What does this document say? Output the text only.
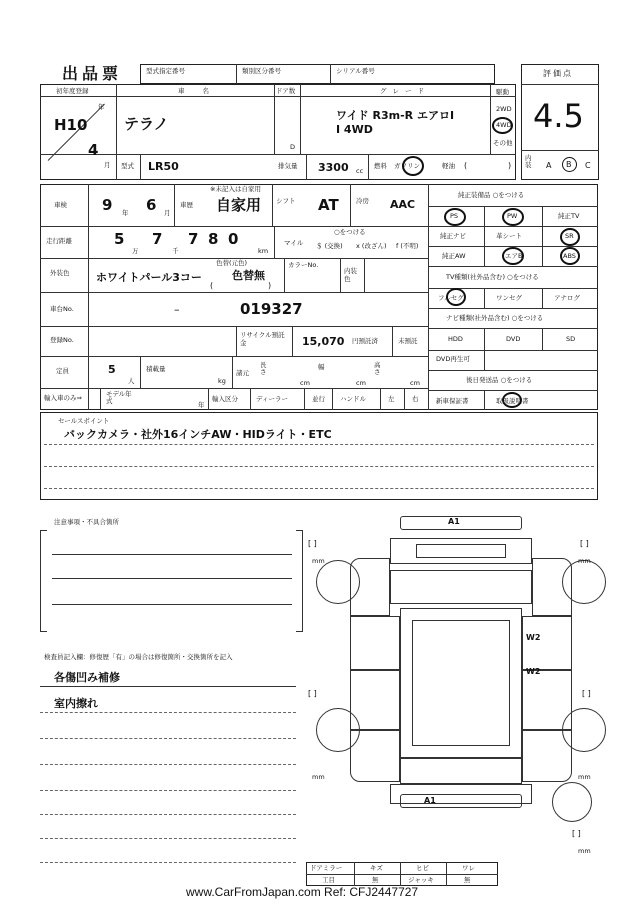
出品票	型式指定番号	類別区分番号	シリアル番号	評価点
4.5
内装	A B C
初年度登録
H10
年
4
月
車名
テラノ
ドア数
D
グレード
ワイド R3m-R エアロI
I 4WD
駆動
2WD
4WD
その他
型式 LR50	排気量 3300 cc
燃料 ガソリン	軽油 (	)
車検 9 年 6 月
※未記入は自家用
車歴 自家用 シフト AT	冷房 AAC
走行距離	5
万
7
千
7 8 0
km
マイル
○をつける
＄ (交換) x (改ざん) f (不明)
外装色 ホワイトパール3コー
色替(元色)
色替無
(	)
カラーNo.
内装色
車台No.	–	019327
登録No.
リサイクル預託金	15,070 円預託済	未預託
定員	5
人
積載量
kg
諸元
長さ
cm
幅
cm
高さ
cm
輸入車のみ⇒	モデル年式	年
輸入区分	ディーラー	並行 ハンドル	左	右
純正装備品 ○をつける
PS	PW	純正TV
純正ナビ	革シート	SR
純正AW	エアB	ABS
TV種類(社外品含む) ○をつける
フルセグ	ワンセグ	アナログ
ナビ種類(社外品含む) ○をつける
HDD	DVD	SD
DVD再生可
後日発送品 ○をつける
新車保証書	取扱説明書
セールスポイント
バックカメラ・社外16インチAW・HIDライト・ETC
注意事項・不具合箇所
検査員記入欄：修復歴「有」の場合は修復箇所・交換箇所を記入
各傷凹み補修
室内擦れ
A1
W2
W2
A1
[ ]	[ ]
[ ]	[ ]
[ ]
mm	mm
mm	mm
mm
ドアミラー	キズ	ヒビ	ワレ
工目	無	ジャッキ	無
www.CarFromJapan.com Ref: CFJ2447727
